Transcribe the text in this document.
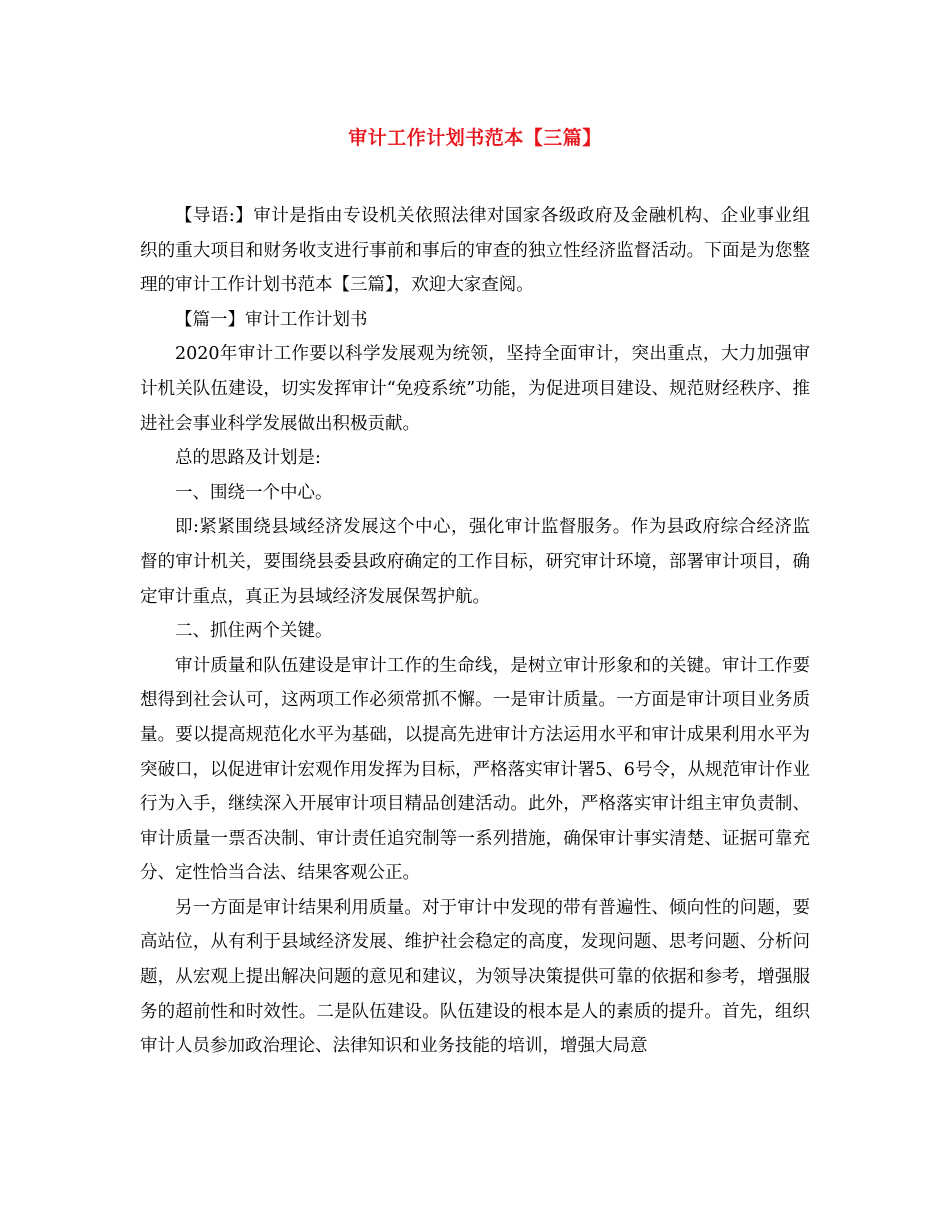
审计工作计划书范本【三篇】

【导语:】审计是指由专设机关依照法律对国家各级政府及金融机构、企业事业组织的重大项目和财务收支进行事前和事后的审查的独立性经济监督活动。下面是为您整理的审计工作计划书范本【三篇】，欢迎大家查阅。

【篇一】审计工作计划书

2020年审计工作要以科学发展观为统领，坚持全面审计，突出重点，大力加强审计机关队伍建设，切实发挥审计“免疫系统”功能，为促进项目建设、规范财经秩序、推进社会事业科学发展做出积极贡献。

总的思路及计划是:

一、围绕一个中心。

即:紧紧围绕县域经济发展这个中心，强化审计监督服务。作为县政府综合经济监督的审计机关，要围绕县委县政府确定的工作目标，研究审计环境，部署审计项目，确定审计重点，真正为县域经济发展保驾护航。

二、抓住两个关键。

审计质量和队伍建设是审计工作的生命线，是树立审计形象和的关键。审计工作要想得到社会认可，这两项工作必须常抓不懈。一是审计质量。一方面是审计项目业务质量。要以提高规范化水平为基础，以提高先进审计方法运用水平和审计成果利用水平为突破口，以促进审计宏观作用发挥为目标，严格落实审计署5、6号令，从规范审计作业行为入手，继续深入开展审计项目精品创建活动。此外，严格落实审计组主审负责制、审计质量一票否决制、审计责任追究制等一系列措施，确保审计事实清楚、证据可靠充分、定性恰当合法、结果客观公正。

另一方面是审计结果利用质量。对于审计中发现的带有普遍性、倾向性的问题，要高站位，从有利于县域经济发展、维护社会稳定的高度，发现问题、思考问题、分析问题，从宏观上提出解决问题的意见和建议，为领导决策提供可靠的依据和参考，增强服务的超前性和时效性。二是队伍建设。队伍建设的根本是人的素质的提升。首先，组织审计人员参加政治理论、法律知识和业务技能的培训，增强大局意
